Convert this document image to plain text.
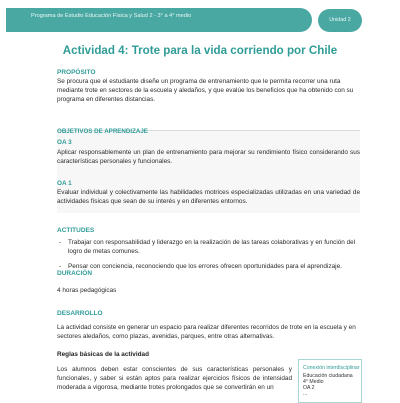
Programa de Estudio Educación Física y Salud 2 - 3° a 4° medio
Unidad 2
Actividad 4: Trote para la vida corriendo por Chile
PROPÓSITO
Se procura que el estudiante diseñe un programa de entrenamiento que le permita recorrer una ruta mediante trote en sectores de la escuela y aledaños, y que evalúe los beneficios que ha obtenido con su programa en diferentes distancias.
OBJETIVOS DE APRENDIZAJE
OA 3
Aplicar responsablemente un plan de entrenamiento para mejorar su rendimiento físico considerando sus características personales y funcionales.
OA 1
Evaluar individual y colectivamente las habilidades motrices especializadas utilizadas en una variedad de actividades físicas que sean de su interés y en diferentes entornos.
ACTITUDES
- Trabajar con responsabilidad y liderazgo en la realización de las tareas colaborativas y en función del logro de metas comunes.
- Pensar con conciencia, reconociendo que los errores ofrecen oportunidades para el aprendizaje.
DURACIÓN
4 horas pedagógicas
DESARROLLO
La actividad consiste en generar un espacio para realizar diferentes recorridos de trote en la escuela y en sectores aledaños, como plazas, avenidas, parques, entre otras alternativas.
Reglas básicas de la actividad
Los alumnos deben estar conscientes de sus características personales y funcionales, y saber si están aptos para realizar ejercicios físicos de intensidad moderada a vigorosa, mediante trotes prolongados que se convertirán en un
Conexión interdisciplinar
Educación ciudadana
4° Medio
OA 2
...
